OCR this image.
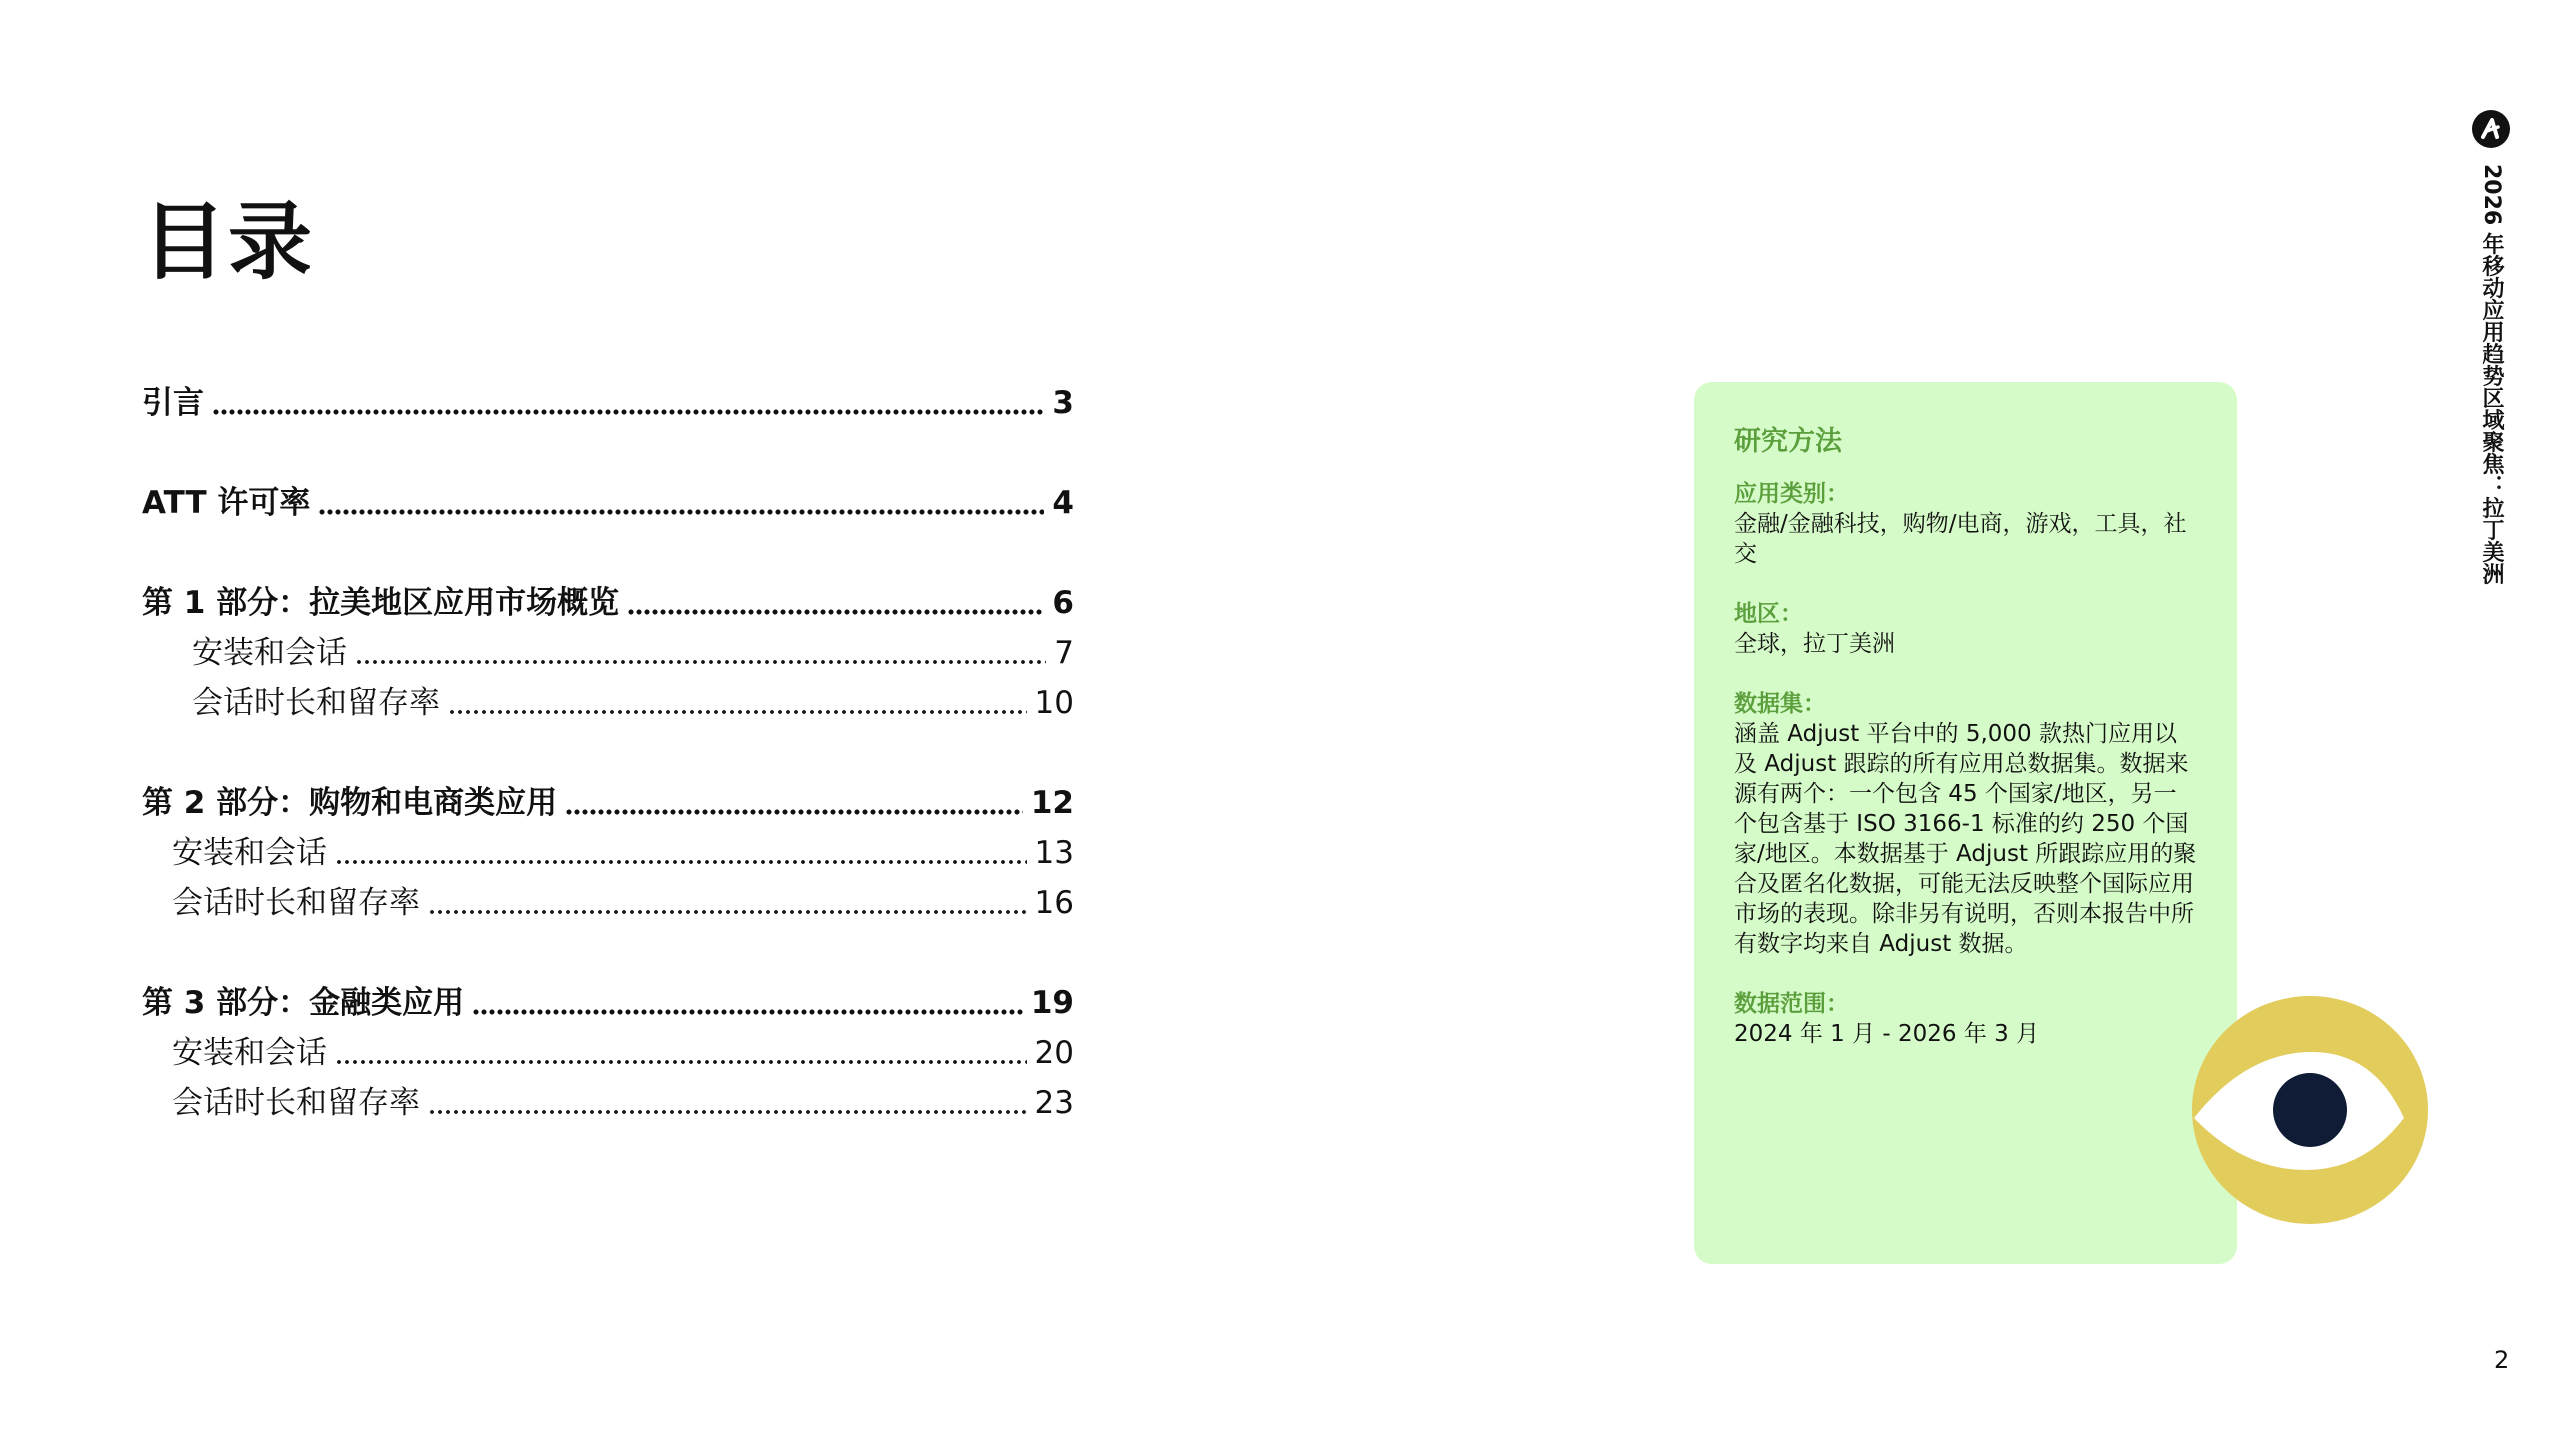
目录
引言	3
ATT 许可率	4
第 1 部分：拉美地区应用市场概览	6
安装和会话	7
会话时长和留存率	10
第 2 部分：购物和电商类应用	12
安装和会话	13
会话时长和留存率	16
第 3 部分：金融类应用	19
安装和会话	20
会话时长和留存率	23
研究方法
应用类别：
金融/金融科技，购物/电商，游戏，工具，社交
地区：
全球，拉丁美洲
数据集：
涵盖 Adjust 平台中的 5,000 款热门应用以及 Adjust 跟踪的所有应用总数据集。数据来源有两个：一个包含 45 个国家/地区，另一个包含基于 ISO 3166-1 标准的约 250 个国家/地区。本数据基于 Adjust 所跟踪应用的聚合及匿名化数据，可能无法反映整个国际应用市场的表现。除非另有说明，否则本报告中所有数字均来自 Adjust 数据。
数据范围：
2024 年 1 月 - 2026 年 3 月
2026 年移动应用趋势区域聚焦：拉丁美洲
2
